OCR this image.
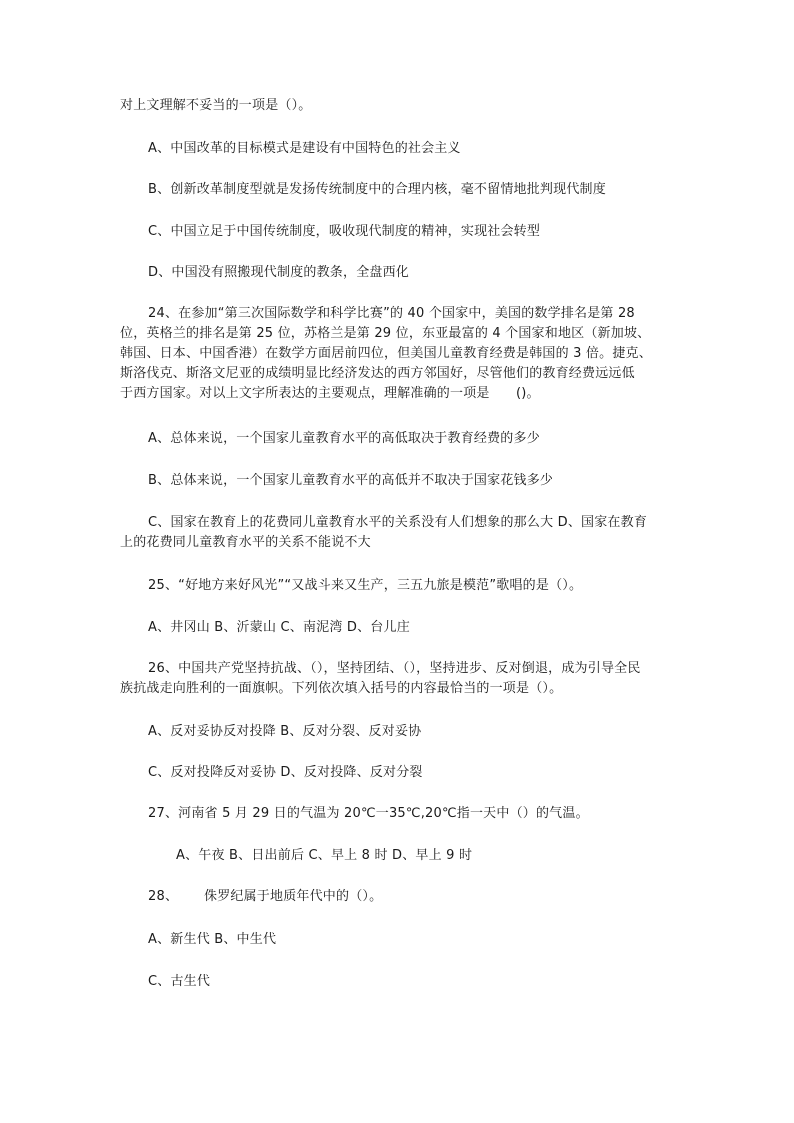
对上文理解不妥当的一项是（）。
A、中国改革的目标模式是建设有中国特色的社会主义
B、创新改革制度型就是发扬传统制度中的合理内核，毫不留情地批判现代制度
C、中国立足于中国传统制度，吸收现代制度的精神，实现社会转型
D、中国没有照搬现代制度的教条，全盘西化
24、在参加“第三次国际数学和科学比赛”的 40 个国家中，美国的数学排名是第 28
位，英格兰的排名是第 25 位，苏格兰是第 29 位，东亚最富的 4 个国家和地区（新加坡、
韩国、日本、中国香港）在数学方面居前四位，但美国儿童教育经费是韩国的 3 倍。捷克、
斯洛伐克、斯洛文尼亚的成绩明显比经济发达的西方邻国好，尽管他们的教育经费远远低
于西方国家。对以上文字所表达的主要观点，理解准确的一项是　　()。
A、总体来说，一个国家儿童教育水平的高低取决于教育经费的多少
B、总体来说，一个国家儿童教育水平的高低并不取决于国家花钱多少
C、国家在教育上的花费同儿童教育水平的关系没有人们想象的那么大 D、国家在教育
上的花费同儿童教育水平的关系不能说不大
25、“好地方来好风光”“又战斗来又生产，三五九旅是模范”歌唱的是（）。
A、井冈山 B、沂蒙山 C、南泥湾 D、台儿庄
26、中国共产党坚持抗战、（），坚持团结、（），坚持进步、反对倒退，成为引导全民
族抗战走向胜利的一面旗帜。下列依次填入括号的内容最恰当的一项是（）。
A、反对妥协反对投降 B、反对分裂、反对妥协
C、反对投降反对妥协 D、反对投降、反对分裂
27、河南省 5 月 29 日的气温为 20℃一35℃,20℃指一天中（）的气温。
A、午夜 B、日出前后 C、早上 8 时 D、早上 9 时
28、 侏罗纪属于地质年代中的（）。
A、新生代 B、中生代
C、古生代
